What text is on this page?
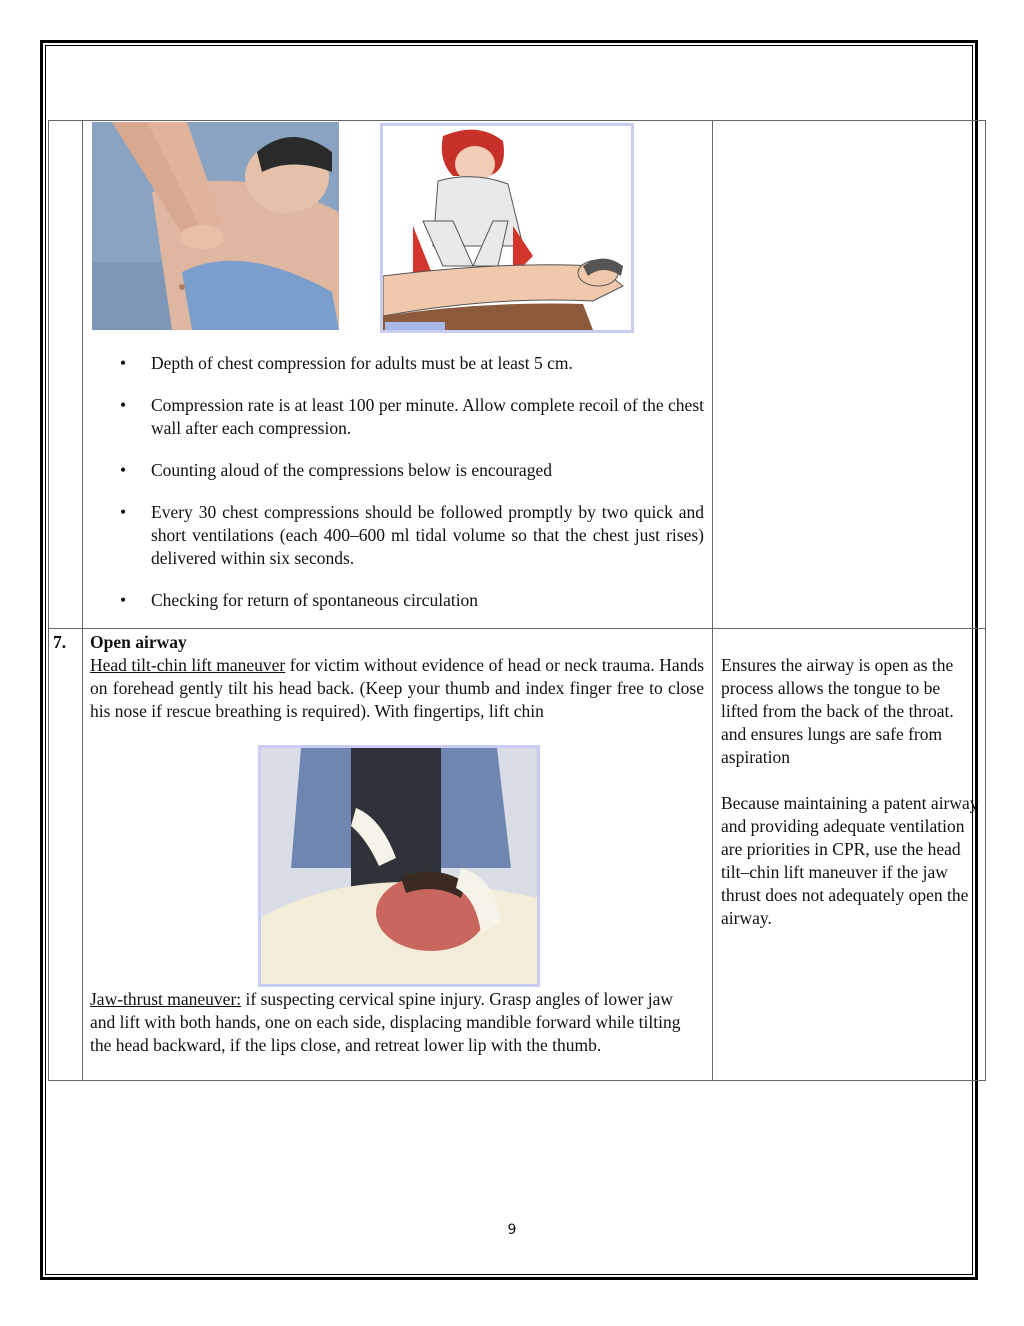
• Depth of chest compression for adults must be at least 5 cm.
• Compression rate is at least 100 per minute. Allow complete recoil of the chest wall after each compression.
• Counting aloud of the compressions below is encouraged
• Every 30 chest compressions should be followed promptly by two quick and short ventilations (each 400–600 ml tidal volume so that the chest just rises) delivered within six seconds.
• Checking for return of spontaneous circulation
7. Open airway
Head tilt-chin lift maneuver for victim without evidence of head or neck trauma. Hands on forehead gently tilt his head back. (Keep your thumb and index finger free to close his nose if rescue breathing is required). With fingertips, lift chin
Jaw-thrust maneuver: if suspecting cervical spine injury. Grasp angles of lower jaw and lift with both hands, one on each side, displacing mandible forward while tilting the head backward, if the lips close, and retreat lower lip with the thumb.
Ensures the airway is open as the process allows the tongue to be lifted from the back of the throat. and ensures lungs are safe from aspiration
Because maintaining a patent airway and providing adequate ventilation are priorities in CPR, use the head tilt–chin lift maneuver if the jaw thrust does not adequately open the airway.
9
